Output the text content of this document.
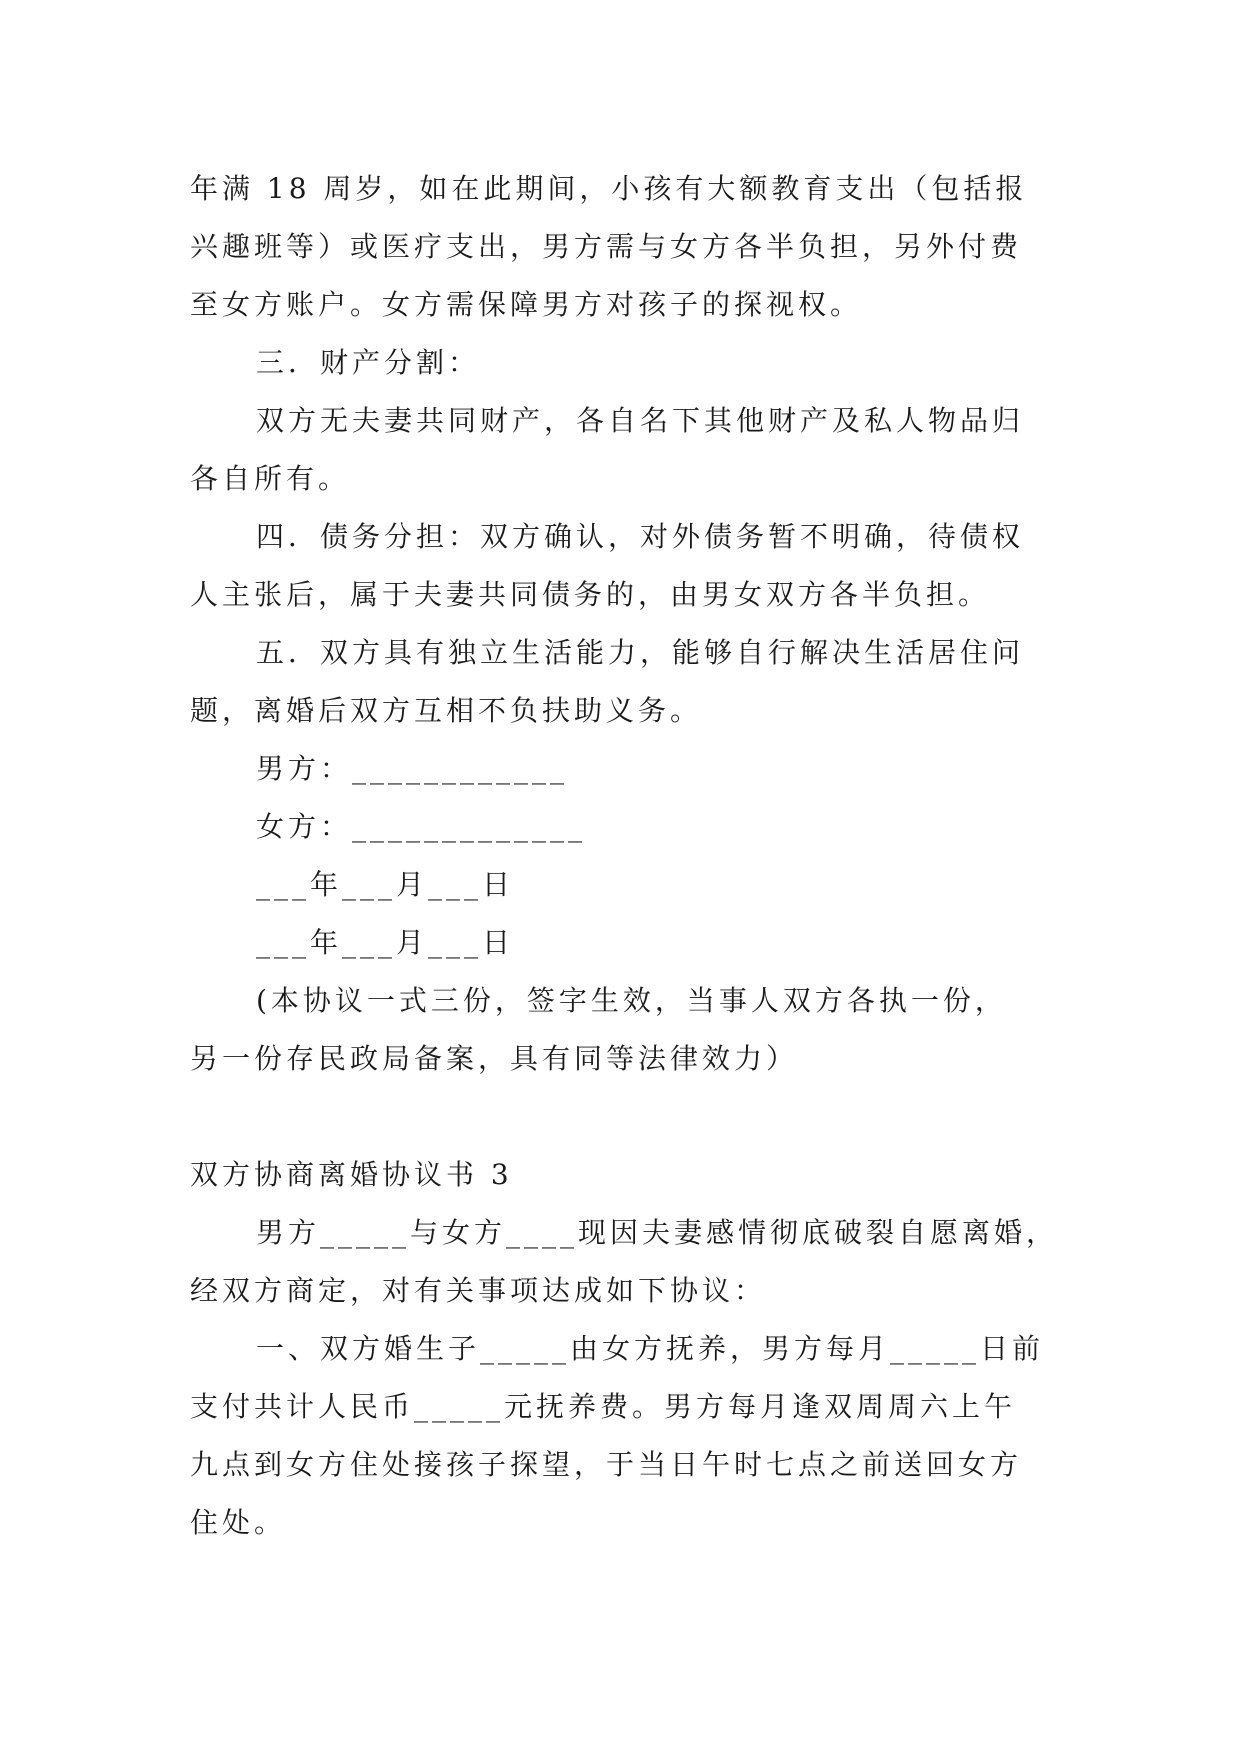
年满 18 周岁，如在此期间，小孩有大额教育支出（包括报
兴趣班等）或医疗支出，男方需与女方各半负担，另外付费
至女方账户。女方需保障男方对孩子的探视权。
三．财产分割：
双方无夫妻共同财产，各自名下其他财产及私人物品归
各自所有。
四．债务分担：双方确认，对外债务暂不明确，待债权
人主张后，属于夫妻共同债务的，由男女双方各半负担。
五．双方具有独立生活能力，能够自行解决生活居住问
题，离婚后双方互相不负扶助义务。
男方：____________
女方：_____________
___年___月___日
___年___月___日
(本协议一式三份，签字生效，当事人双方各执一份，
另一份存民政局备案，具有同等法律效力）
双方协商离婚协议书 3
男方_____与女方____现因夫妻感情彻底破裂自愿离婚，
经双方商定，对有关事项达成如下协议：
一、双方婚生子_____由女方抚养，男方每月_____日前
支付共计人民币_____元抚养费。男方每月逢双周周六上午
九点到女方住处接孩子探望，于当日午时七点之前送回女方
住处。
